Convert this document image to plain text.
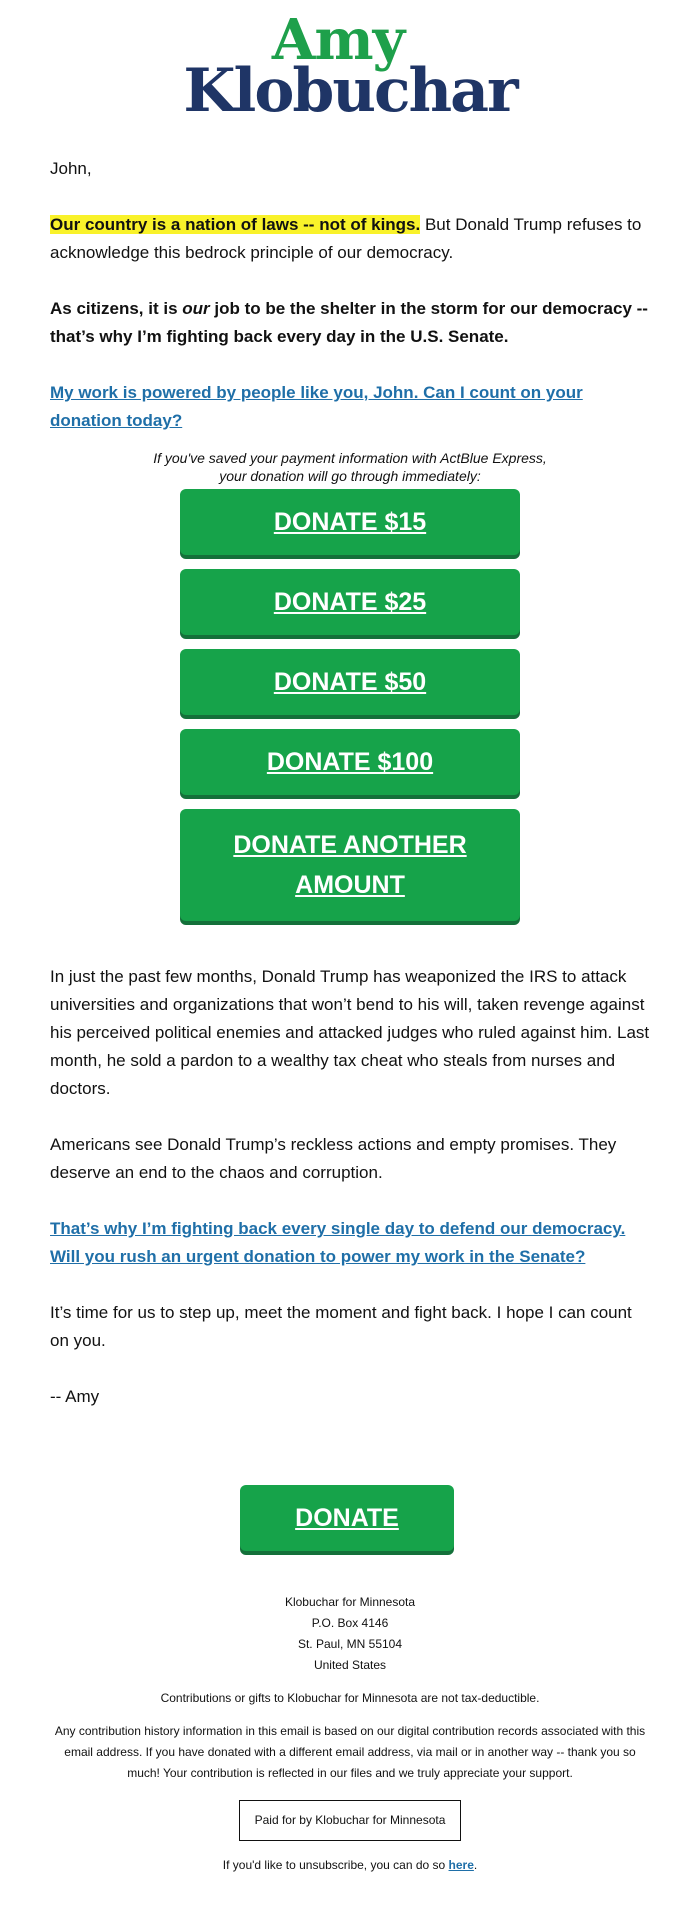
Amy
Klobuchar

John,

Our country is a nation of laws -- not of kings. But Donald Trump refuses to acknowledge this bedrock principle of our democracy.

As citizens, it is our job to be the shelter in the storm for our democracy -- that’s why I’m fighting back every day in the U.S. Senate.

My work is powered by people like you, John. Can I count on your donation today?

If you've saved your payment information with ActBlue Express,
your donation will go through immediately:
DONATE $15
DONATE $25
DONATE $50
DONATE $100
DONATE ANOTHER
AMOUNT

In just the past few months, Donald Trump has weaponized the IRS to attack universities and organizations that won’t bend to his will, taken revenge against his perceived political enemies and attacked judges who ruled against him. Last month, he sold a pardon to a wealthy tax cheat who steals from nurses and doctors.

Americans see Donald Trump’s reckless actions and empty promises. They deserve an end to the chaos and corruption.

That’s why I’m fighting back every single day to defend our democracy. Will you rush an urgent donation to power my work in the Senate?

It’s time for us to step up, meet the moment and fight back. I hope I can count on you.

-- Amy

DONATE
Klobuchar for Minnesota
P.O. Box 4146
St. Paul, MN 55104
United States
Contributions or gifts to Klobuchar for Minnesota are not tax-deductible.
Any contribution history information in this email is based on our digital contribution records associated with this email address. If you have donated with a different email address, via mail or in another way -- thank you so much! Your contribution is reflected in our files and we truly appreciate your support.
Paid for by Klobuchar for Minnesota
If you'd like to unsubscribe, you can do so here.
